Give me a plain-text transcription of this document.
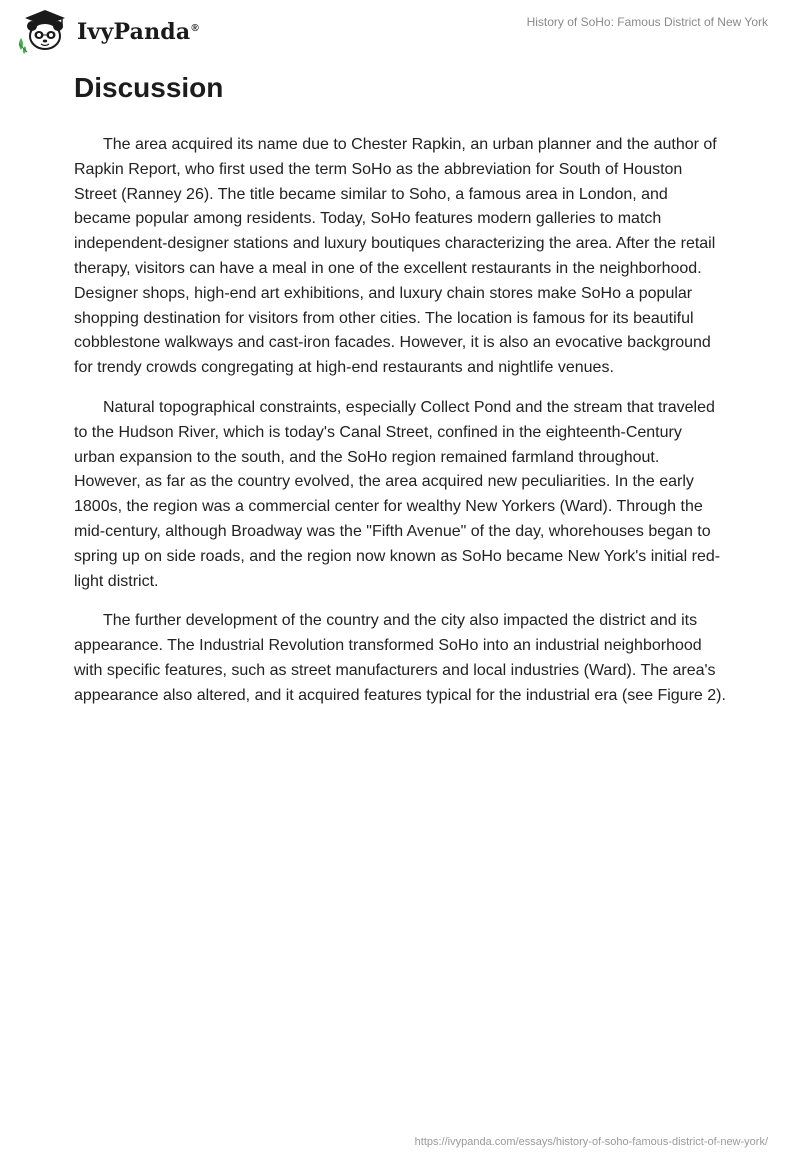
IvyPanda®	History of SoHo: Famous District of New York
Discussion

The area acquired its name due to Chester Rapkin, an urban planner and the author of Rapkin Report, who first used the term SoHo as the abbreviation for South of Houston Street (Ranney 26). The title became similar to Soho, a famous area in London, and became popular among residents. Today, SoHo features modern galleries to match independent-designer stations and luxury boutiques characterizing the area. After the retail therapy, visitors can have a meal in one of the excellent restaurants in the neighborhood. Designer shops, high-end art exhibitions, and luxury chain stores make SoHo a popular shopping destination for visitors from other cities. The location is famous for its beautiful cobblestone walkways and cast-iron facades. However, it is also an evocative background for trendy crowds congregating at high-end restaurants and nightlife venues.

Natural topographical constraints, especially Collect Pond and the stream that traveled to the Hudson River, which is today's Canal Street, confined in the eighteenth-Century urban expansion to the south, and the SoHo region remained farmland throughout. However, as far as the country evolved, the area acquired new peculiarities. In the early 1800s, the region was a commercial center for wealthy New Yorkers (Ward). Through the mid-century, although Broadway was the "Fifth Avenue" of the day, whorehouses began to spring up on side roads, and the region now known as SoHo became New York's initial red-light district.

The further development of the country and the city also impacted the district and its appearance. The Industrial Revolution transformed SoHo into an industrial neighborhood with specific features, such as street manufacturers and local industries (Ward). The area's appearance also altered, and it acquired features typical for the industrial era (see Figure 2).

https://ivypanda.com/essays/history-of-soho-famous-district-of-new-york/
